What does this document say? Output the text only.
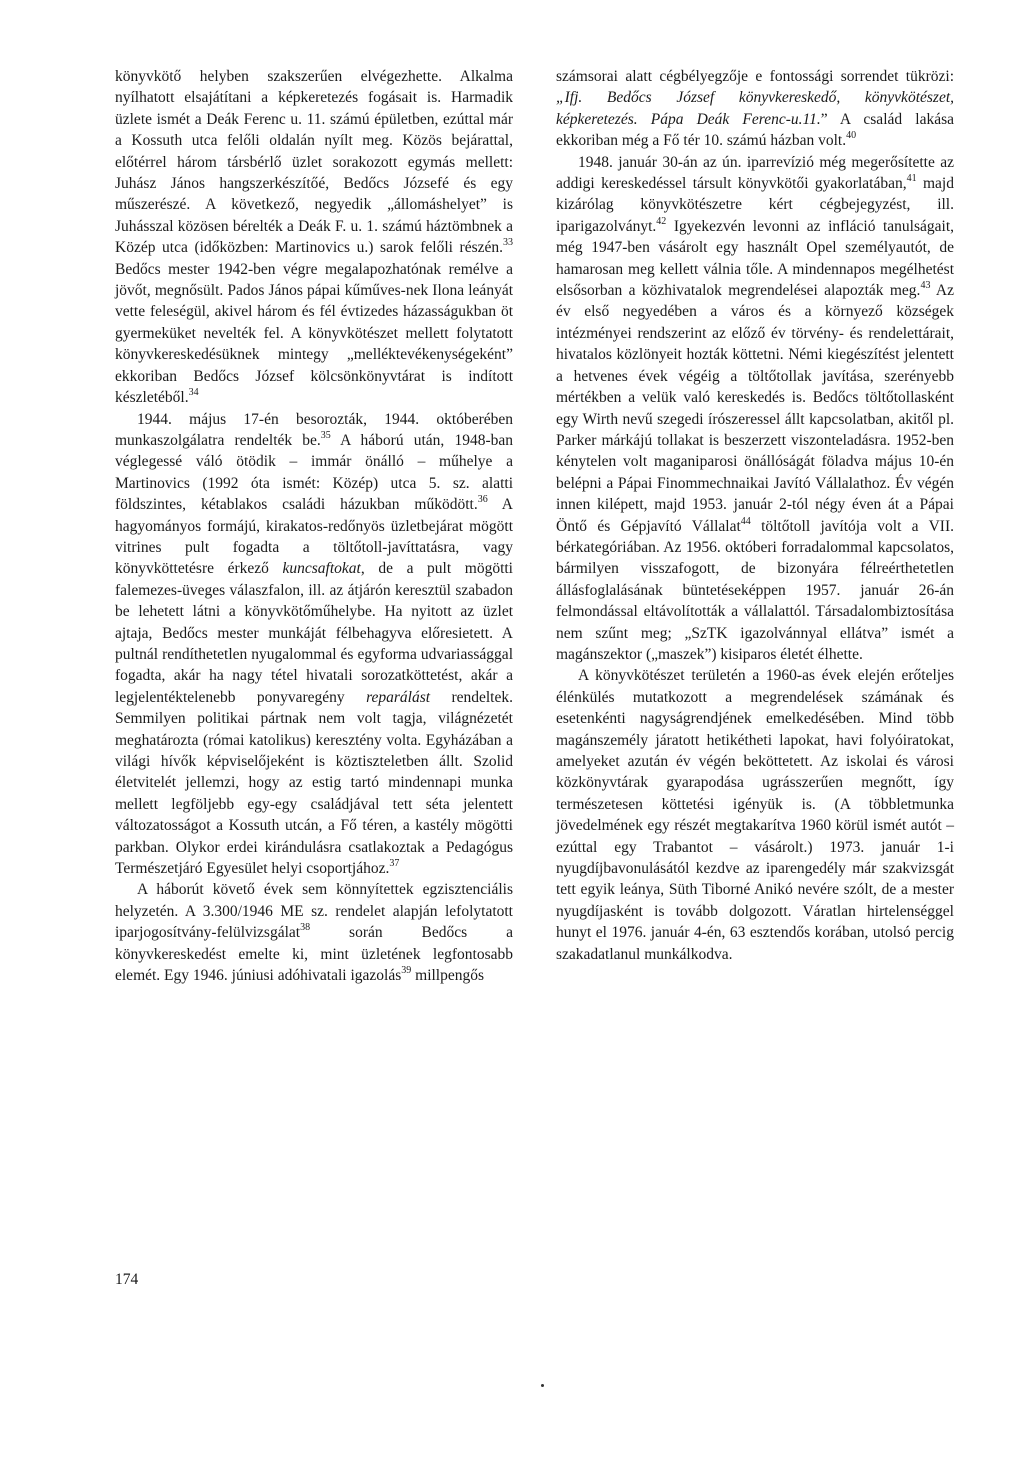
könyvkötő helyben szakszerűen elvégezhette. Alkalma nyílhatott elsajátítani a képkeretezés fogásait is. Harmadik üzlete ismét a Deák Ferenc u. 11. számú épületben, ezúttal már a Kossuth utca felőli oldalán nyílt meg. Közös bejárattal, előtérrel három társbérlő üzlet sorakozott egymás mellett: Juhász János hangszerkészítőé, Bedőcs Józsefé és egy műszerészé. A következő, negyedik „állomáshelyet” is Juhásszal közösen bérelték a Deák F. u. 1. számú háztömbnek a Közép utca (időközben: Martinovics u.) sarok felőli részén.$^{33}$ Bedőcs mester 1942-ben végre megalapozhatónak remélve a jövőt, megnősült. Pados János pápai kűműves-nek Ilona leányát vette feleségül, akivel három és fél évtizedes házasságukban öt gyermeküket nevelték fel. A könyvkötészet mellett folytatott könyvkereskedésüknek mintegy „melléktevékenységeként” ekkoriban Bedőcs József kölcsönkönyvtárat is indított készletéből.$^{34}$

1944. május 17-én besorozták, 1944. októberében munkaszolgálatra rendelték be.$^{35}$ A háború után, 1948-ban véglegessé váló ötödik – immár önálló – műhelye a Martinovics (1992 óta ismét: Közép) utca 5. sz. alatti földszintes, kétablakos családi házukban működött.$^{36}$ A hagyományos formájú, kirakatos-redőnyös üzletbejárat mögött vitrines pult fogadta a töltőtoll-javíttatásra, vagy könyvköttetésre érkező kuncsaftokat, de a pult mögötti falemezes-üveges válaszfalon, ill. az átjárón keresztül szabadon be lehetett látni a könyvkötőműhelybe. Ha nyitott az üzlet ajtaja, Bedőcs mester munkáját félbehagyva előresietett. A pultnál rendíthetetlen nyugalommal és egyforma udvariassággal fogadta, akár ha nagy tétel hivatali sorozatköttetést, akár a legjelentéktelenebb ponyvaregény reparálást rendeltek. Semmilyen politikai pártnak nem volt tagja, világnézetét meghatározta (római katolikus) keresztény volta. Egyházában a világi hívők képviselőjeként is köztiszteletben állt. Szolid életvitelét jellemzi, hogy az estig tartó mindennapi munka mellett legföljebb egy-egy családjával tett séta jelentett változatosságot a Kossuth utcán, a Fő téren, a kastély mögötti parkban. Olykor erdei kirándulásra csatlakoztak a Pedagógus Természetjáró Egyesület helyi csoportjához.$^{37}$

A háborút követő évek sem könnyítettek egzisztenciális helyzetén. A 3.300/1946 ME sz. rendelet alapján lefolytatott iparjogosítvány-felülvizsgálat$^{38}$ során Bedőcs a könyvkereskedést emelte ki, mint üzletének legfontosabb elemét. Egy 1946. júniusi adóhivatali igazolás$^{39}$ millpengős

számsorai alatt cégbélyegzője e fontossági sorrendet tükrözi: „Ifj. Bedőcs József könyvkereskedő, könyvkötészet, képkeretezés. Pápa Deák Ferenc-u.11.” A család lakása ekkoriban még a Fő tér 10. számú házban volt.$^{40}$

1948. január 30-án az ún. iparrevízió még megerősítette az addigi kereskedéssel társult könyvkötői gyakorlatában,$^{41}$ majd kizárólag könyvkötészetre kért cégbejegyzést, ill. iparigazolványt.$^{42}$ Igyekezvén levonni az infláció tanulságait, még 1947-ben vásárolt egy használt Opel személyautót, de hamarosan meg kellett válnia tőle. A mindennapos megélhetést elsősorban a közhivatalok megrendelései alapozták meg.$^{43}$ Az év első negyedében a város és a környező községek intézményei rendszerint az előző év törvény- és rendelettárait, hivatalos közlönyeit hozták köttetni. Némi kiegészítést jelentett a hetvenes évek végéig a töltőtollak javítása, szerényebb mértékben a velük való kereskedés is. Bedőcs töltőtollasként egy Wirth nevű szegedi írószeressel állt kapcsolatban, akitől pl. Parker márkájú tollakat is beszerzett viszonteladásra. 1952-ben kénytelen volt maganiparosi önállóságát föladva május 10-én belépni a Pápai Finommechnaikai Javító Vállalathoz. Év végén innen kilépett, majd 1953. január 2-tól négy éven át a Pápai Öntő és Gépjavító Vállalat$^{44}$ töltőtoll javítója volt a VII. bérkategóriában. Az 1956. októberi forradalommal kapcsolatos, bármilyen visszafogott, de bizonyára félreérthetetlen állásfoglalásának büntetéseképpen 1957. január 26-án felmondással eltávolították a vállalattól. Társadalombiztosítása nem szűnt meg; „SzTK igazolvánnyal ellátva” ismét a magánszektor („maszek”) kisiparos életét élhette.

A könyvkötészet területén a 1960-as évek elején erőteljes élénkülés mutatkozott a megrendelések számának és esetenkénti nagyságrendjének emelkedésében. Mind több magánszemély járatott hetikétheti lapokat, havi folyóiratokat, amelyeket azután év végén beköttetett. Az iskolai és városi közkönyvtárak gyarapodása ugrásszerűen megnőtt, így természetesen köttetési igényük is. (A többletmunka jövedelmének egy részét megtakarítva 1960 körül ismét autót – ezúttal egy Trabantot – vásárolt.) 1973. január 1-i nyugdíjbavonulásától kezdve az iparengedély már szakvizsgát tett egyik leánya, Süth Tiborné Anikó nevére szólt, de a mester nyugdíjasként is tovább dolgozott. Váratlan hirtelenséggel hunyt el 1976. január 4-én, 63 esztendős korában, utolsó percig szakadatlanul munkálkodva.

174
